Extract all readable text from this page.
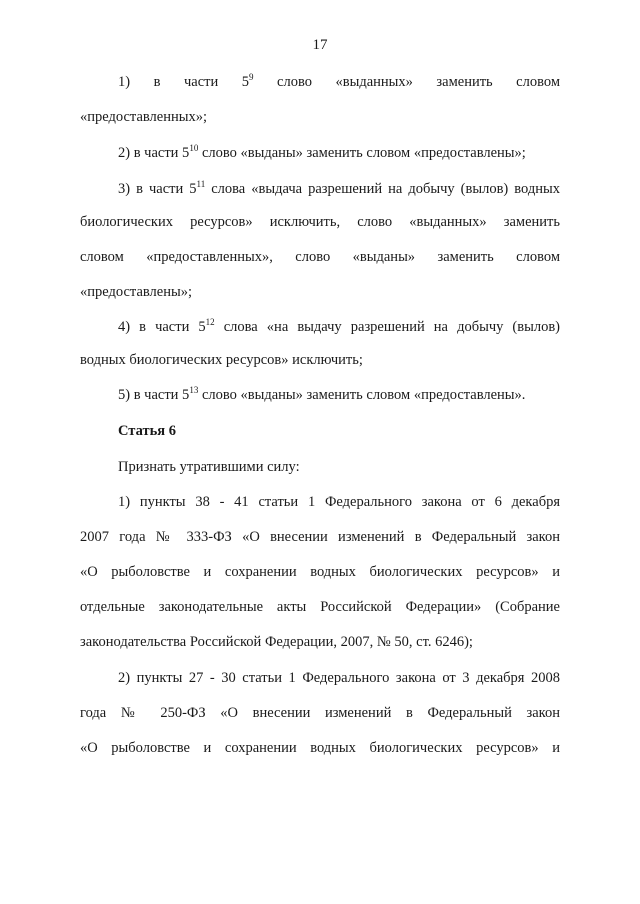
17
1) в части $5^9$ слово «выданных» заменить словом
«предоставленных»;
2) в части $5^{10}$ слово «выданы» заменить словом «предоставлены»;
3) в части $5^{11}$ слова «выдача разрешений на добычу (вылов) водных
биологических ресурсов» исключить, слово «выданных» заменить
словом «предоставленных», слово «выданы» заменить словом
«предоставлены»;
4) в части $5^{12}$ слова «на выдачу разрешений на добычу (вылов)
водных биологических ресурсов» исключить;
5) в части $5^{13}$ слово «выданы» заменить словом «предоставлены».
Статья 6
Признать утратившими силу:
1) пункты 38 - 41 статьи 1 Федерального закона от 6 декабря
2007 года № 333-ФЗ «О внесении изменений в Федеральный закон
«О рыболовстве и сохранении водных биологических ресурсов» и
отдельные законодательные акты Российской Федерации» (Собрание
законодательства Российской Федерации, 2007, № 50, ст. 6246);
2) пункты 27 - 30 статьи 1 Федерального закона от 3 декабря 2008
года № 250-ФЗ «О внесении изменений в Федеральный закон
«О рыболовстве и сохранении водных биологических ресурсов» и
